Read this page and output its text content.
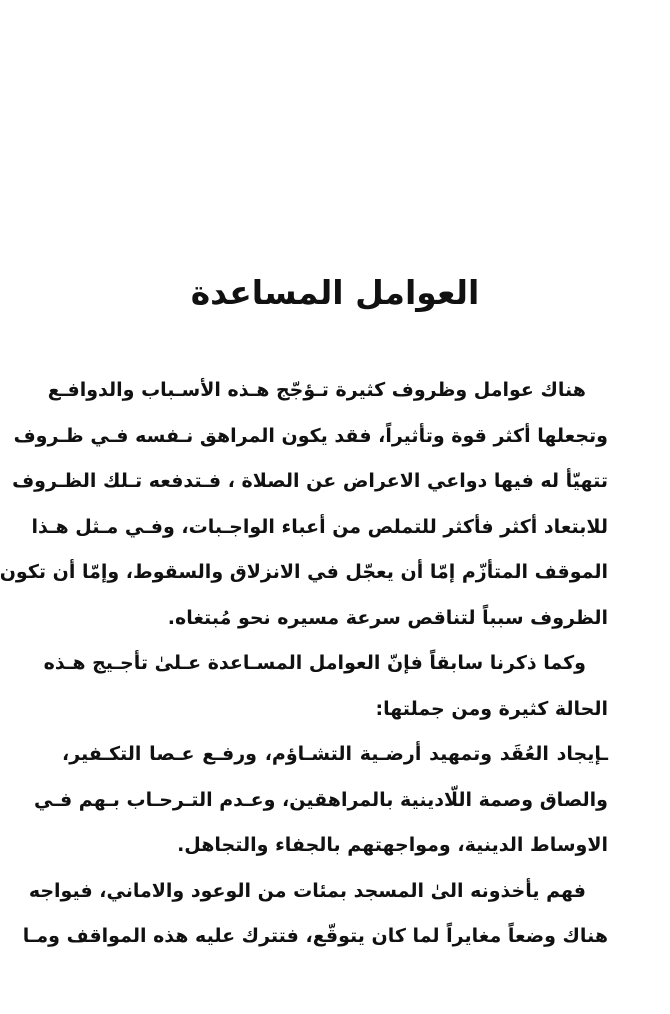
العوامل المساعدة
هناك عوامل وظروف كثيرة تـؤجّج هـذه الأسـباب والدوافـع
وتجعلها أكثر قوة وتأثيراً، فقد يكون المراهق نـفسه فـي ظـروف
تتهيّأ له فيها دواعي الاعراض عن الصلاة ، فـتدفعه تـلك الظـروف
للابتعاد أكثر فأكثر للتملص من أعباء الواجـبات، وفـي مـثل هـذا
الموقف المتأزّم إمّا أن يعجّل في الانزلاق والسقوط، وإمّا أن تكون
الظروف سبباً لتناقص سرعة مسيره نحو مُبتغاه.
وكما ذكرنا سابقاً فإنّ العوامل المسـاعدة عـلىٰ تأجـيج هـذه
الحالة كثيرة ومن جملتها:
ـإيجاد العُقَد وتمهيد أرضـية التشـاؤم، ورفـع عـصا التكـفير،
والصاق وصمة اللّادينية بالمراهقين، وعـدم التـرحـاب بـهم فـي
الاوساط الدينية، ومواجهتهم بالجفاء والتجاهل.
فهم يأخذونه الىٰ المسجد بمئات من الوعود والاماني، فيواجه
هناك وضعاً مغايراً لما كان يتوقّع، فتترك عليه هذه المواقف ومـا
